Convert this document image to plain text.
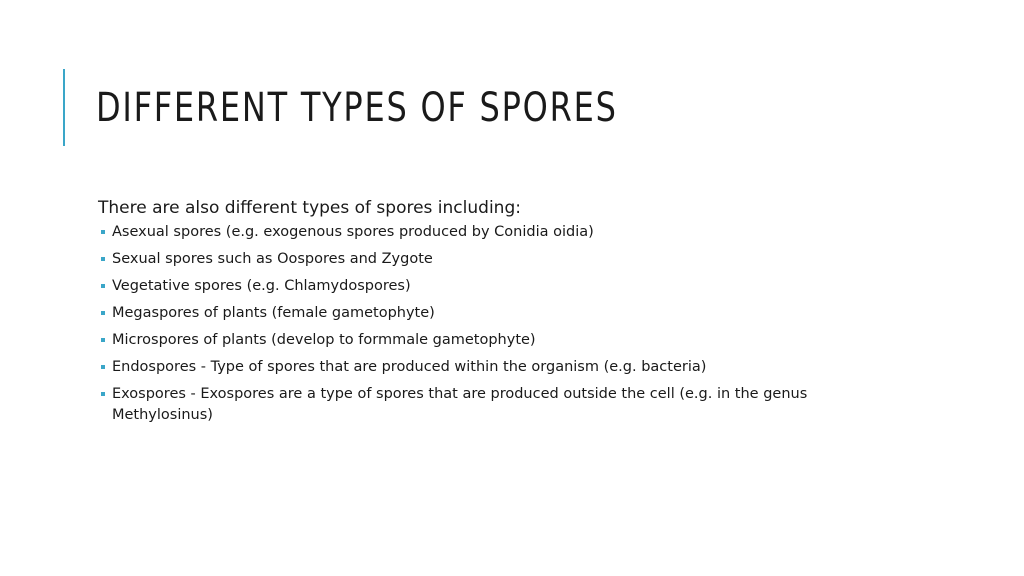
DIFFERENT TYPES OF SPORES

There are also different types of spores including:

Asexual spores (e.g. exogenous spores produced by Conidia oidia)
Sexual spores such as Oospores and Zygote
Vegetative spores (e.g. Chlamydospores)
Megaspores of plants (female gametophyte)
Microspores of plants (develop to formmale gametophyte)
Endospores - Type of spores that are produced within the organism (e.g. bacteria)
Exospores - Exospores are a type of spores that are produced outside the cell (e.g. in the genus Methylosinus)
